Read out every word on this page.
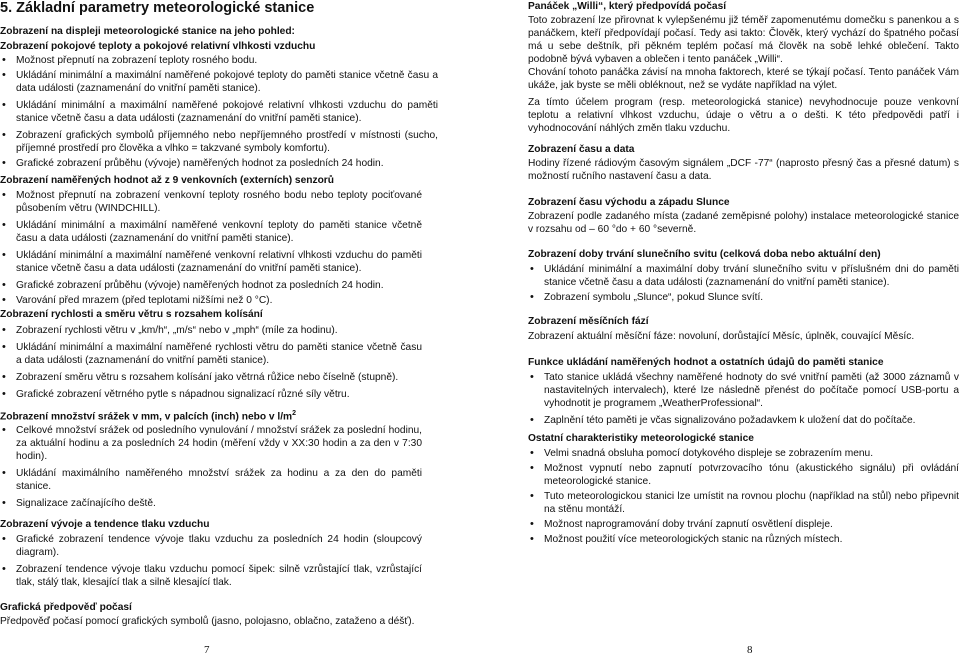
5. Základní parametry meteorologické stanice
Zobrazení na displeji meteorologické stanice na jeho pohled:
Zobrazení pokojové teploty a pokojové relativní vlhkosti vzduchu
• Možnost přepnutí na zobrazení teploty rosného bodu.
• Ukládání minimální a maximální naměřené pokojové teploty do paměti stanice včetně času a data události (zaznamenání do vnitřní paměti stanice).
• Ukládání minimální a maximální naměřené pokojové relativní vlhkosti vzduchu do paměti stanice včetně času a data události (zaznamenání do vnitřní paměti stanice).
• Zobrazení grafických symbolů příjemného nebo nepříjemného prostředí v místnosti (sucho, příjemné prostředí pro člověka a vlhko = takzvané symboly komfortu).
• Grafické zobrazení průběhu (vývoje) naměřených hodnot za posledních 24 hodin.
Zobrazení naměřených hodnot až z 9 venkovních (externích) senzorů
• Možnost přepnutí na zobrazení venkovní teploty rosného bodu nebo teploty pociťované působením větru (WINDCHILL).
• Ukládání minimální a maximální naměřené venkovní teploty do paměti stanice včetně času a data události (zaznamenání do vnitřní paměti stanice).
• Ukládání minimální a maximální naměřené venkovní relativní vlhkosti vzduchu do paměti stanice včetně času a data události (zaznamenání do vnitřní paměti stanice).
• Grafické zobrazení průběhu (vývoje) naměřených hodnot za posledních 24 hodin.
• Varování před mrazem (před teplotami nižšími než 0 °C).
Zobrazení rychlosti a směru větru s rozsahem kolísání
• Zobrazení rychlosti větru v „km/h“, „m/s“ nebo v „mph“ (míle za hodinu).
• Ukládání minimální a maximální naměřené rychlosti větru do paměti stanice včetně času a data události (zaznamenání do vnitřní paměti stanice).
• Zobrazení směru větru s rozsahem kolísání jako větrná růžice nebo číselně (stupně).
• Grafické zobrazení větrného pytle s nápadnou signalizací různé síly větru.
Zobrazení množství srážek v mm, v palcích (inch) nebo v $l/m^2$
• Celkové množství srážek od posledního vynulování / množství srážek za poslední hodinu, za aktuální hodinu a za posledních 24 hodin (měření vždy v XX:30 hodin a za den v 7:30 hodin).
• Ukládání maximálního naměřeného množství srážek za hodinu a za den do paměti stanice.
• Signalizace začínajícího deště.
Zobrazení vývoje a tendence tlaku vzduchu
• Grafické zobrazení tendence vývoje tlaku vzduchu za posledních 24 hodin (sloupcový diagram).
• Zobrazení tendence vývoje tlaku vzduchu pomocí šipek: silně vzrůstající tlak, vzrůstající tlak, stálý tlak, klesající tlak a silně klesající tlak.
Grafická předpověď počasí
Předpověď počasí pomocí grafických symbolů (jasno, polojasno, oblačno, zataženo a déšť).
7
Panáček „Willi“, který předpovídá počasí
Toto zobrazení lze přirovnat k vylepšenému již téměř zapomenutému domečku s panenkou a s panáčkem, kteří předpovídají počasí. Tedy asi takto: Člověk, který vychází do špatného počasí má u sebe deštník, při pěkném teplém počasí má člověk na sobě lehké oblečení. Takto podobně bývá vybaven a oblečen i tento panáček „Willi“.
Chování tohoto panáčka závisí na mnoha faktorech, které se týkají počasí. Tento panáček Vám ukáže, jak byste se měli obléknout, než se vydáte například na výlet.
Za tímto účelem program (resp. meteorologická stanice) nevyhodnocuje pouze venkovní teplotu a relativní vlhkost vzduchu, údaje o větru a o dešti. K této předpovědi patří i vyhodnocování náhlých změn tlaku vzduchu.
Zobrazení času a data
Hodiny řízené rádiovým časovým signálem „DCF -77“ (naprosto přesný čas a přesné datum) s možností ručního nastavení času a data.
Zobrazení času východu a západu Slunce
Zobrazení podle zadaného místa (zadané zeměpisné polohy) instalace meteorologické stanice v rozsahu od – 60 °do + 60 °severně.
Zobrazení doby trvání slunečního svitu (celková doba nebo aktuální den)
• Ukládání minimální a maximální doby trvání slunečního svitu v příslušném dni do paměti stanice včetně času a data události (zaznamenání do vnitřní paměti stanice).
• Zobrazení symbolu „Slunce“, pokud Slunce svítí.
Zobrazení měsíčních fází
Zobrazení aktuální měsíční fáze: novoluní, dorůstající Měsíc, úplněk, couvající Měsíc.
Funkce ukládání naměřených hodnot a ostatních údajů do paměti stanice
• Tato stanice ukládá všechny naměřené hodnoty do své vnitřní paměti (až 3000 záznamů v nastavitelných intervalech), které lze následně přenést do počítače pomocí USB-portu a vyhodnotit je programem „WeatherProfessional“.
• Zaplnění této paměti je včas signalizováno požadavkem k uložení dat do počítače.
Ostatní charakteristiky meteorologické stanice
• Velmi snadná obsluha pomocí dotykového displeje se zobrazením menu.
• Možnost vypnutí nebo zapnutí potvrzovacího tónu (akustického signálu) při ovládání meteorologické stanice.
• Tuto meteorologickou stanici lze umístit na rovnou plochu (například na stůl) nebo připevnit na stěnu montáží.
• Možnost naprogramování doby trvání zapnutí osvětlení displeje.
• Možnost použití více meteorologických stanic na různých místech.
8
